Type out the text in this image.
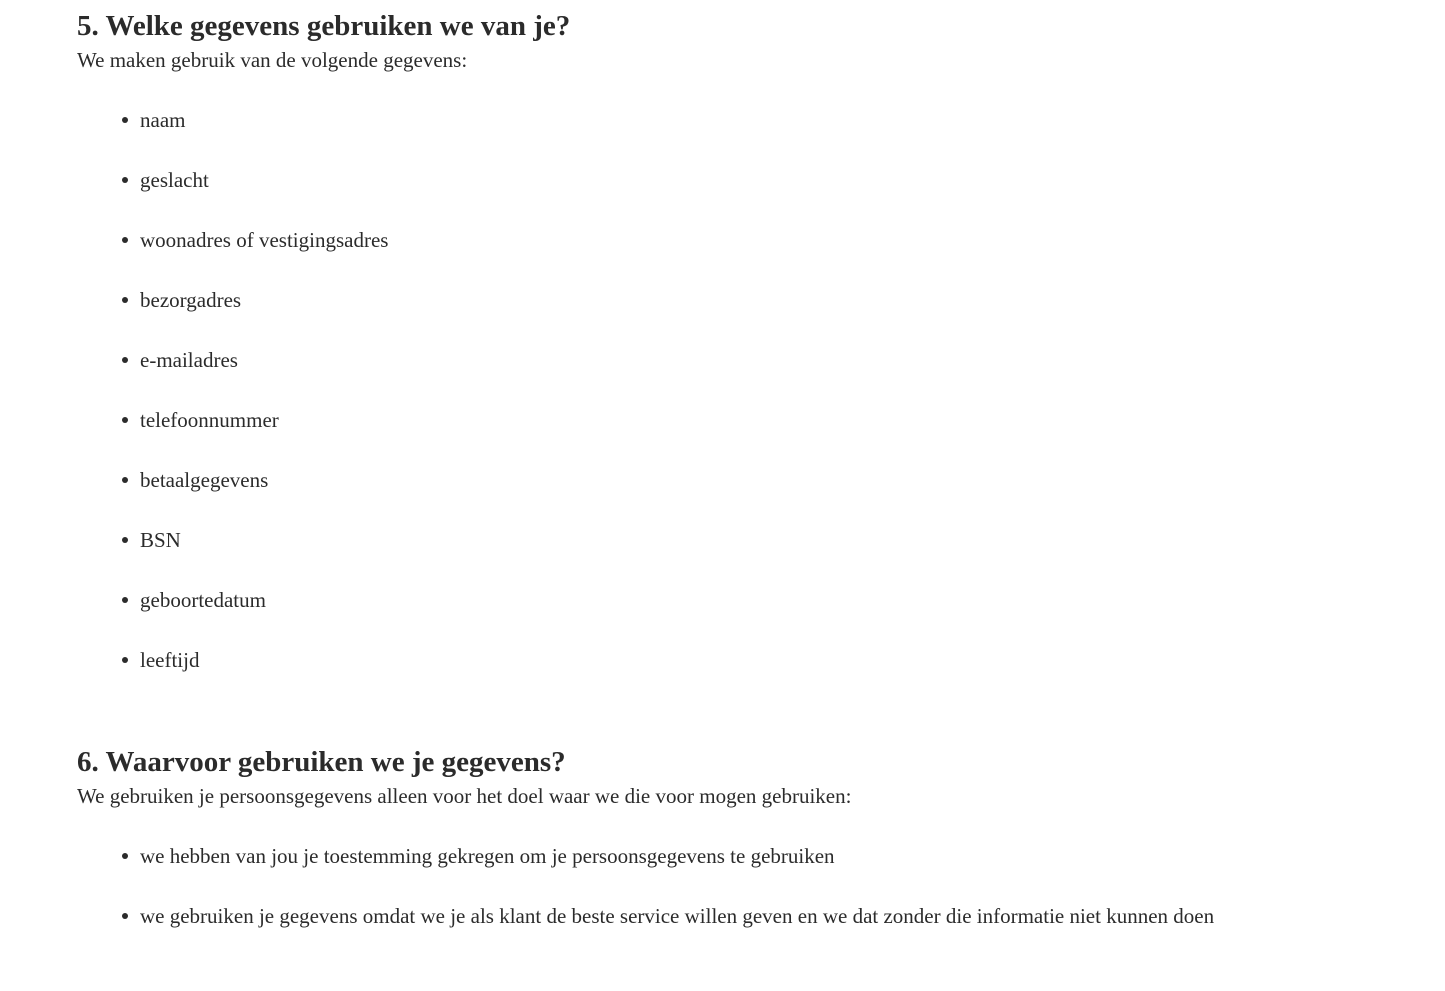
5. Welke gegevens gebruiken we van je?

We maken gebruik van de volgende gegevens:

naam
geslacht
woonadres of vestigingsadres
bezorgadres
e-mailadres
telefoonnummer
betaalgegevens
BSN
geboortedatum
leeftijd
6. Waarvoor gebruiken we je gegevens?

We gebruiken je persoonsgegevens alleen voor het doel waar we die voor mogen gebruiken:

we hebben van jou je toestemming gekregen om je persoonsgegevens te gebruiken
we gebruiken je gegevens omdat we je als klant de beste service willen geven en we dat zonder die informatie niet kunnen doen
